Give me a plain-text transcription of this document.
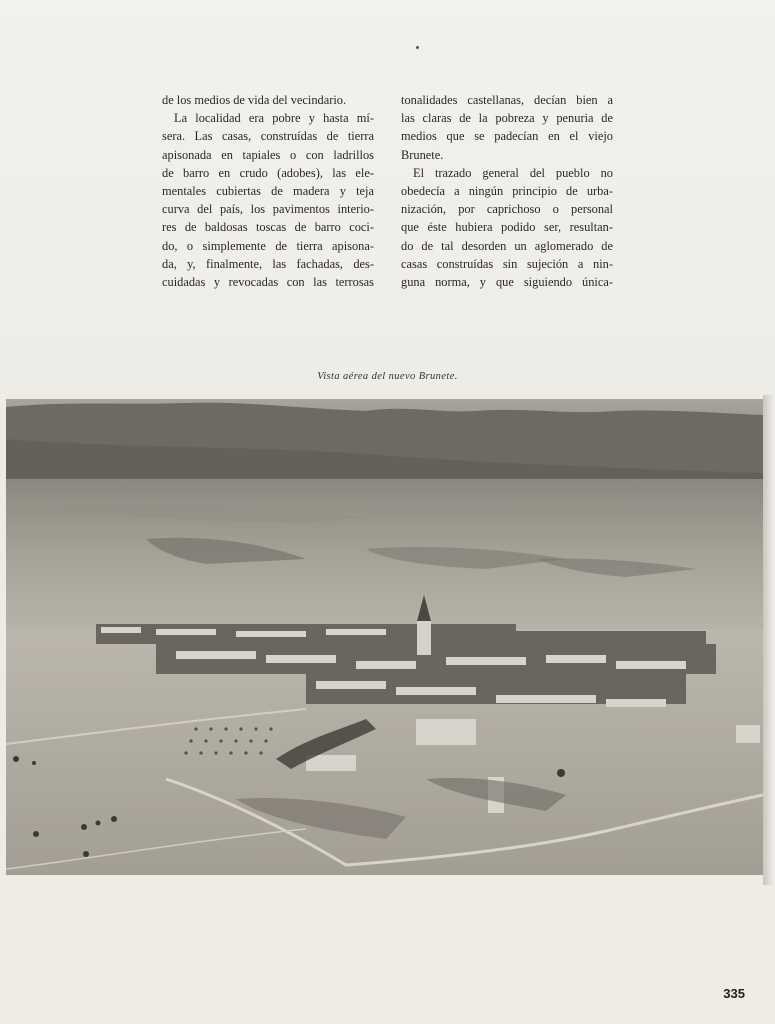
de los medios de vida del vecindario.
La localidad era pobre y hasta mí-
sera. Las casas, construídas de tierra
apisonada en tapiales o con ladrillos
de barro en crudo (adobes), las ele-
mentales cubiertas de madera y teja
curva del país, los pavimentos interio-
res de baldosas toscas de barro coci-
do, o simplemente de tierra apisona-
da, y, finalmente, las fachadas, des-
cuidadas y revocadas con las terrosas
tonalidades castellanas, decían bien a
las claras de la pobreza y penuria de
medios que se padecían en el viejo
Brunete.
El trazado general del pueblo no
obedecía a ningún principio de urba-
nización, por caprichoso o personal
que éste hubiera podido ser, resultan-
do de tal desorden un aglomerado de
casas construídas sin sujeción a nin-
guna norma, y que siguiendo única-
Vista aérea del nuevo Brunete.
335
